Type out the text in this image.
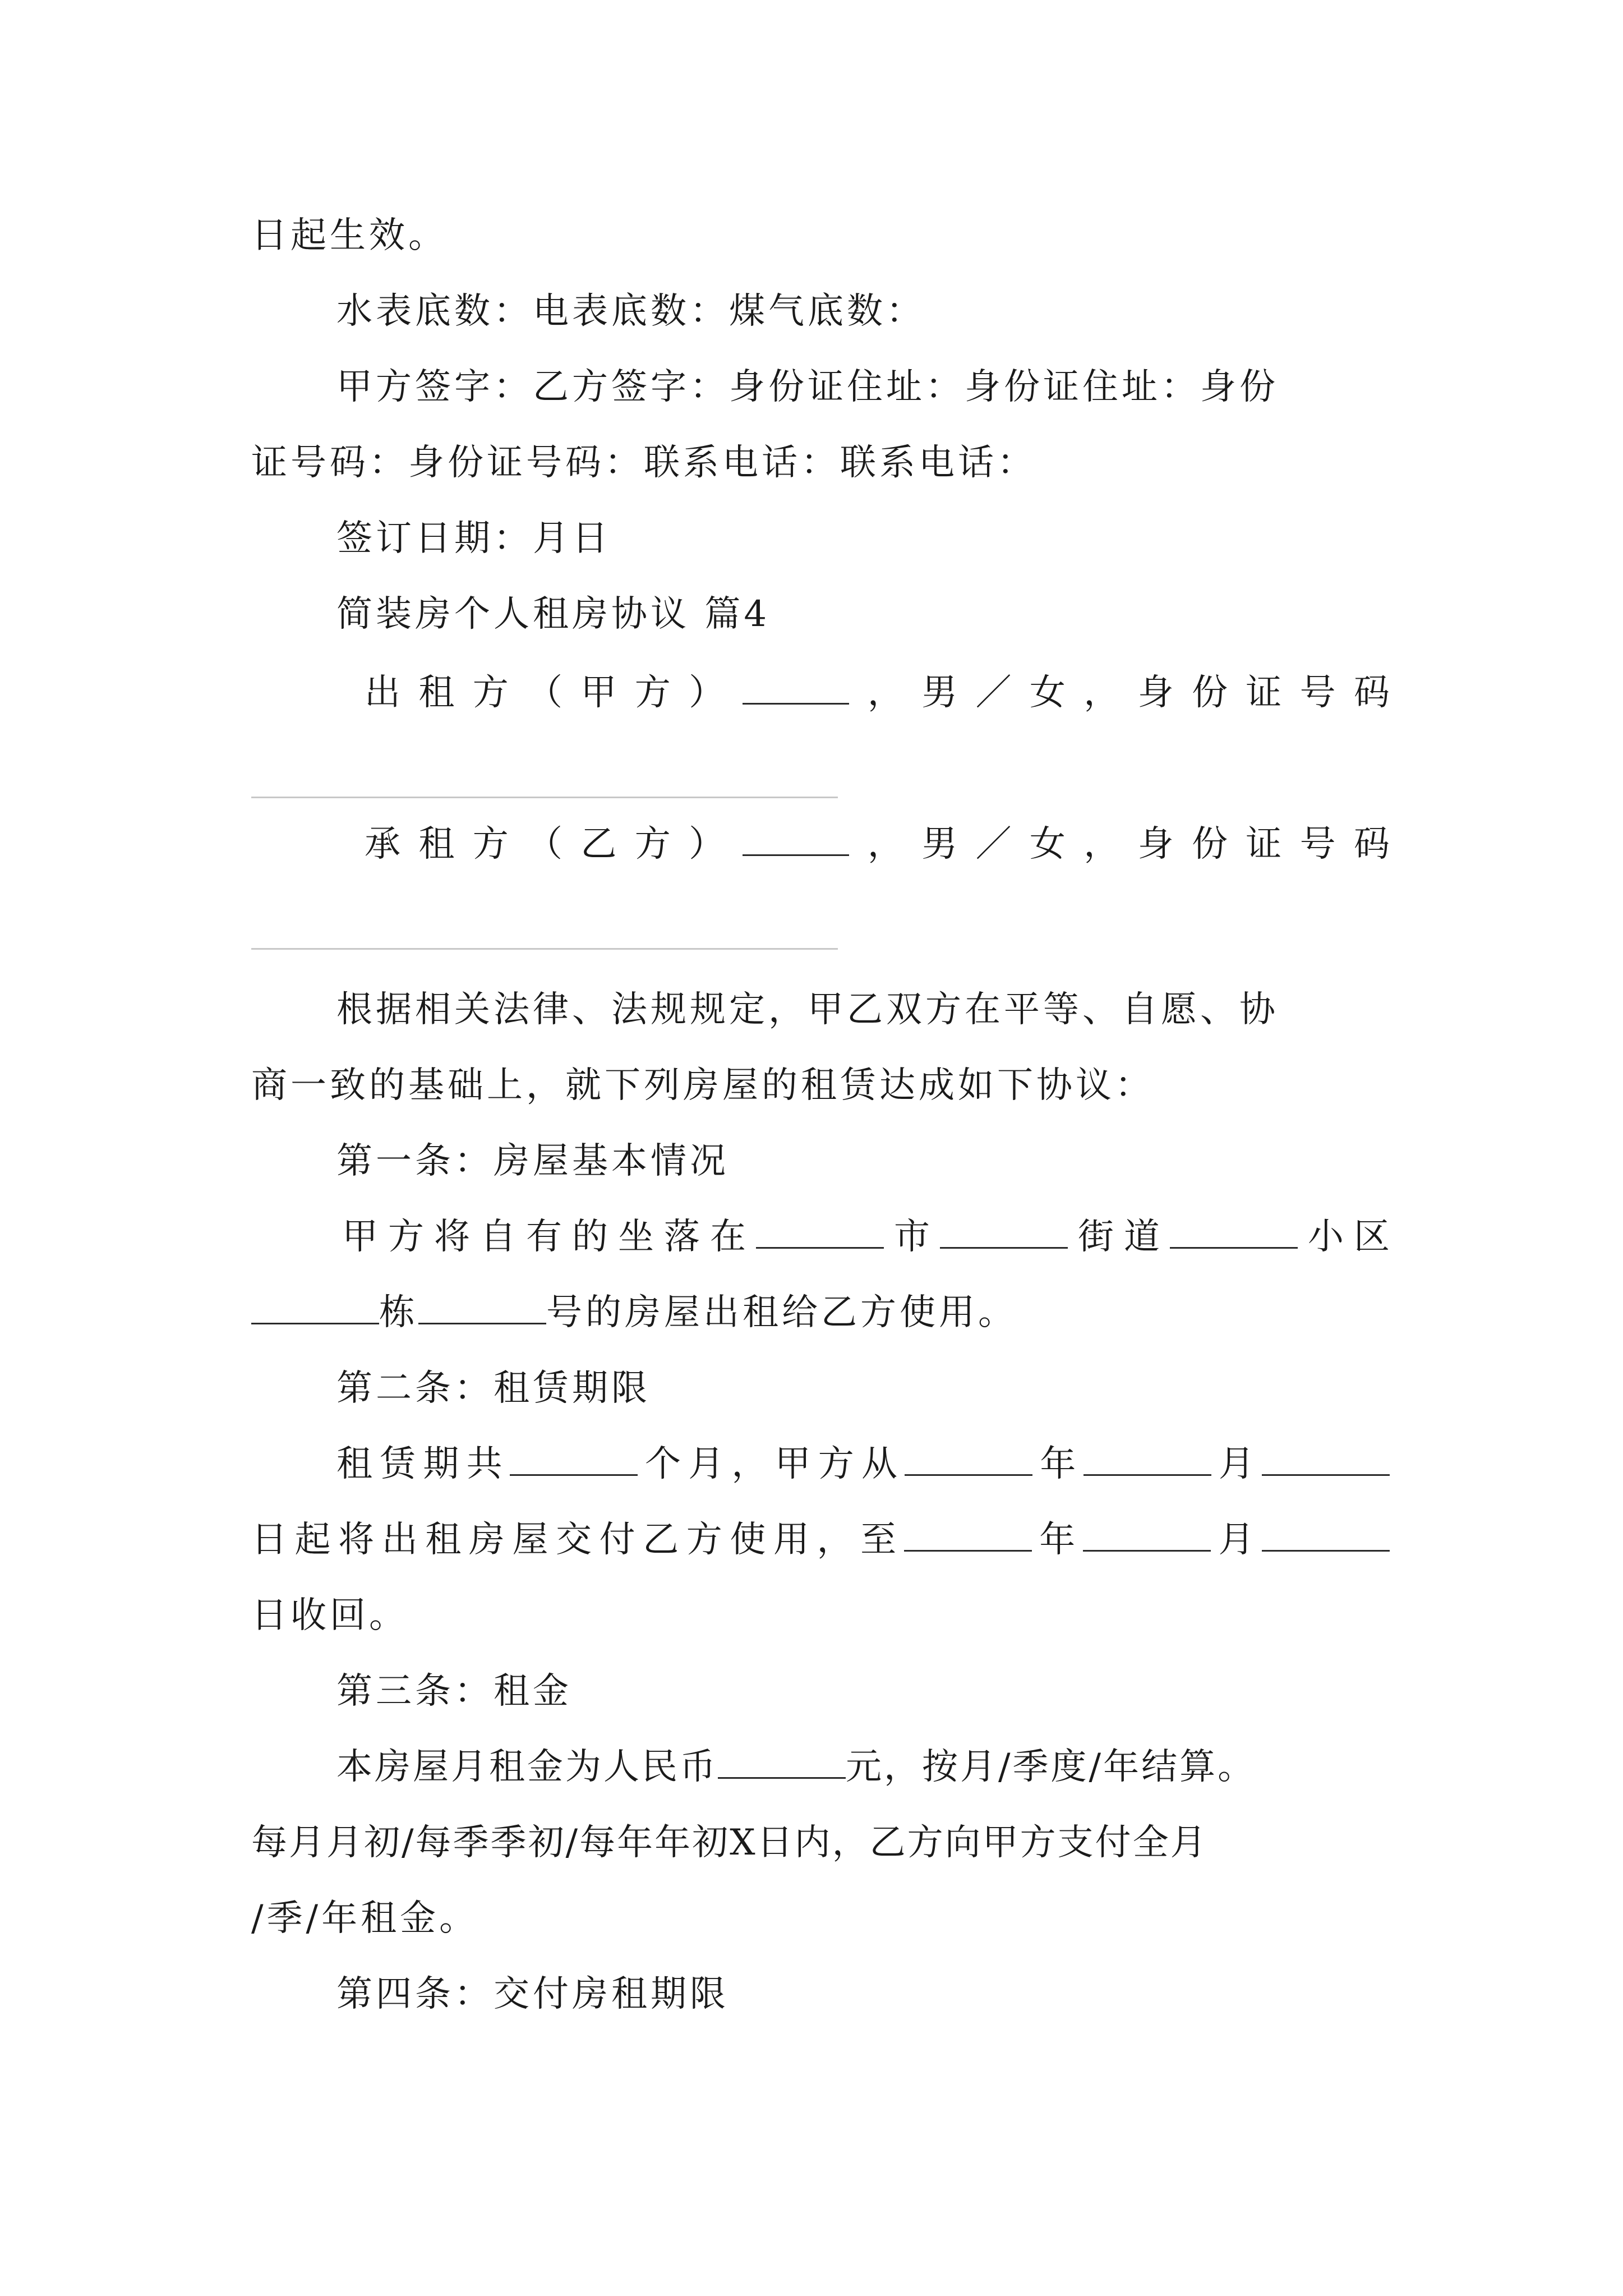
日起生效。
水表底数：电表底数：煤气底数：
甲方签字：乙方签字：身份证住址：身份证住址：身份
证号码：身份证号码：联系电话：联系电话：
签订日期：月日
简装房个人租房协议 篇4
出租方（甲方）	，男／女，身份证号码
承租方（乙方）	，男／女，身份证号码
根据相关法律、法规规定，甲乙双方在平等、自愿、协
商一致的基础上，就下列房屋的租赁达成如下协议：
第一条：房屋基本情况
甲方将自有的坐落在	市	街道	小区
栋	号的房屋出租给乙方使用。
第二条：租赁期限
租赁期共	个月，甲方从	年	月
日起将出租房屋交付乙方使用，至	年	月
日收回。
第三条：租金
本房屋月租金为人民币	元，按月/季度/年结算。
每月月初/每季季初/每年年初X日内，乙方向甲方支付全月
/季/年租金。
第四条：交付房租期限
